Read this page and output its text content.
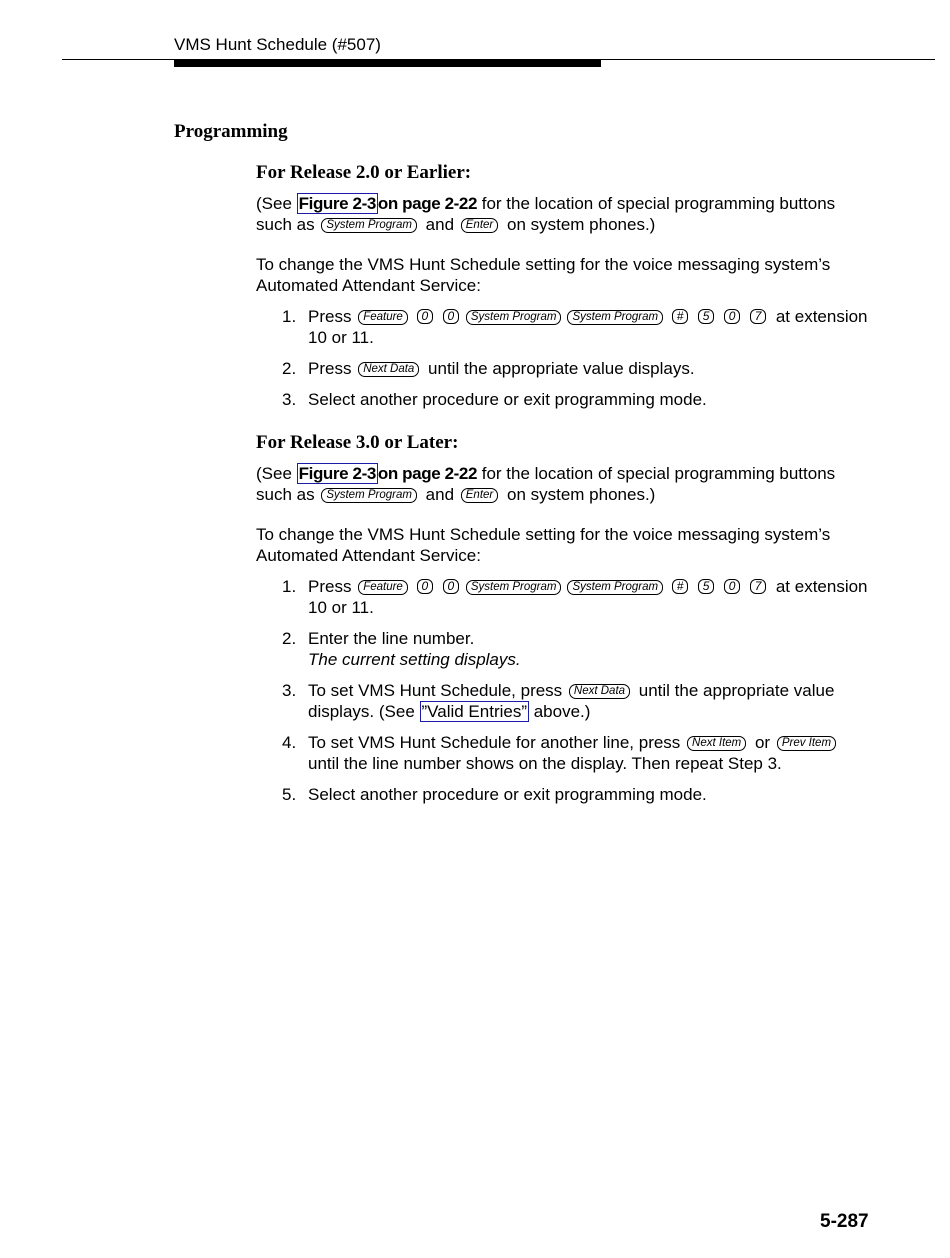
VMS Hunt Schedule (#507)
Programming
For Release 2.0 or Earlier:

(See Figure 2-3 on page 2-22 for the location of special programming buttons such as System Program and Enter on system phones.)

To change the VMS Hunt Schedule setting for the voice messaging system’s Automated Attendant Service:

1. Press Feature 0 0 System Program System Program # 5 0 7 at extension 10 or 11.
2. Press Next Data until the appropriate value displays.
3. Select another procedure or exit programming mode.
For Release 3.0 or Later:

(See Figure 2-3 on page 2-22 for the location of special programming buttons such as System Program and Enter on system phones.)

To change the VMS Hunt Schedule setting for the voice messaging system’s Automated Attendant Service:

1. Press Feature 0 0 System Program System Program # 5 0 7 at extension 10 or 11.
2. Enter the line number.
The current setting displays.
3. To set VMS Hunt Schedule, press Next Data until the appropriate value displays. (See ”Valid Entries” above.)
4. To set VMS Hunt Schedule for another line, press Next Item or Prev Item until the line number shows on the display. Then repeat Step 3.
5. Select another procedure or exit programming mode.
5-287
